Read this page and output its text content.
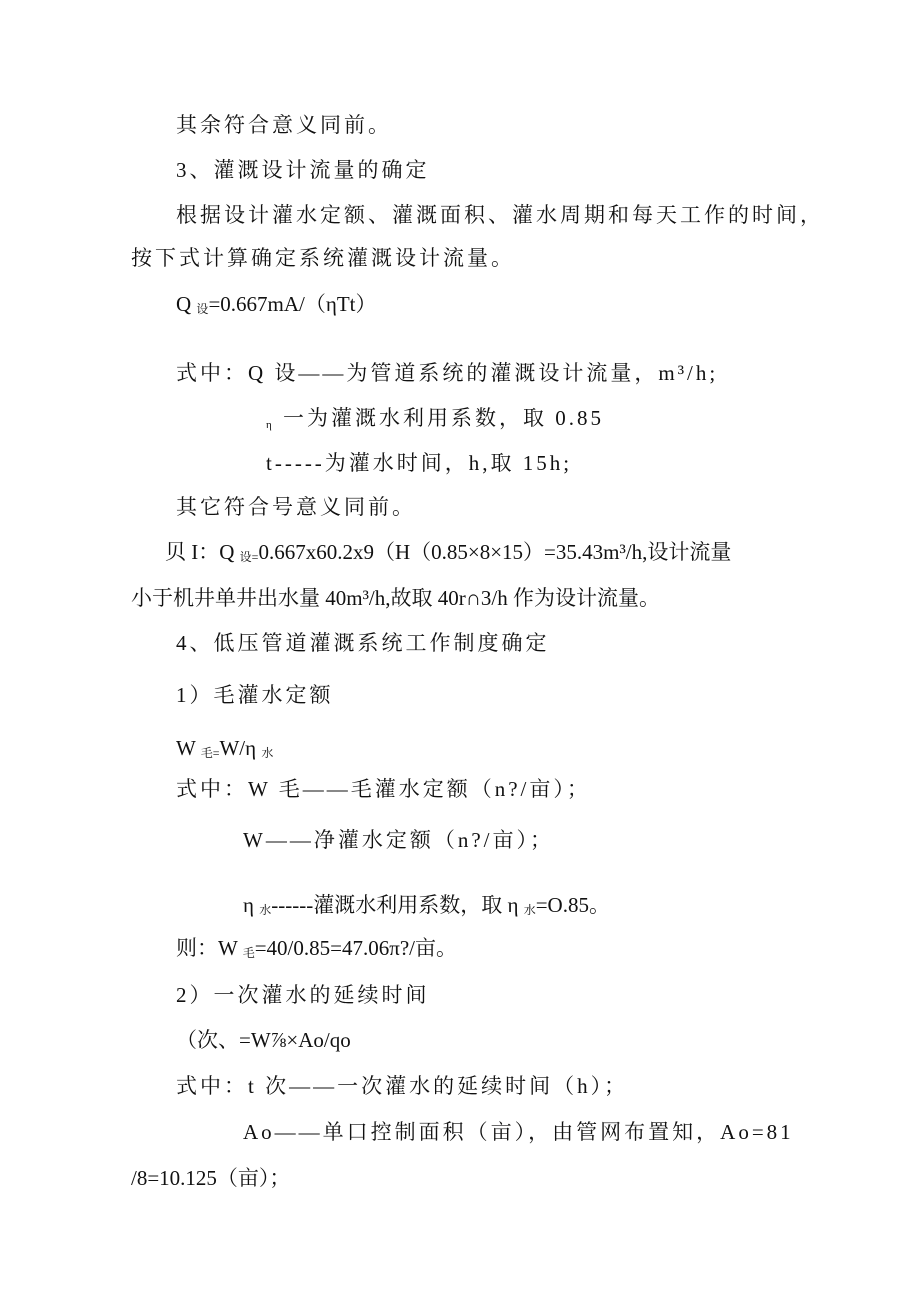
其余符合意义同前。
3、灌溉设计流量的确定
根据设计灌水定额、灌溉面积、灌水周期和每天工作的时间，
按下式计算确定系统灌溉设计流量。
Q 设=0.667mA/（ηTt）
式中：Q 设——为管道系统的灌溉设计流量，m³/h;
η 一为灌溉水利用系数，取 0.85
t-----为灌水时间，h,取 15h;
其它符合号意义同前。
贝 I：Q 设=0.667x60.2x9（H（0.85×8×15）=35.43m³/h,设计流量
小于机井单井出水量 40m³/h,故取 40r∩3/h 作为设计流量。
4、低压管道灌溉系统工作制度确定
1）毛灌水定额
W 毛=W/η 水
式中：W 毛——毛灌水定额（n?/亩）；
W——净灌水定额（n?/亩）；
η 水------灌溉水利用系数，取 η 水=O.85。
则：W 毛=40/0.85=47.06π?/亩。
2）一次灌水的延续时间
（次、=W⅞×Ao/qo
式中：t 次——一次灌水的延续时间（h）；
Ao——单口控制面积（亩），由管网布置知，Ao=81
/8=10.125（亩）；
